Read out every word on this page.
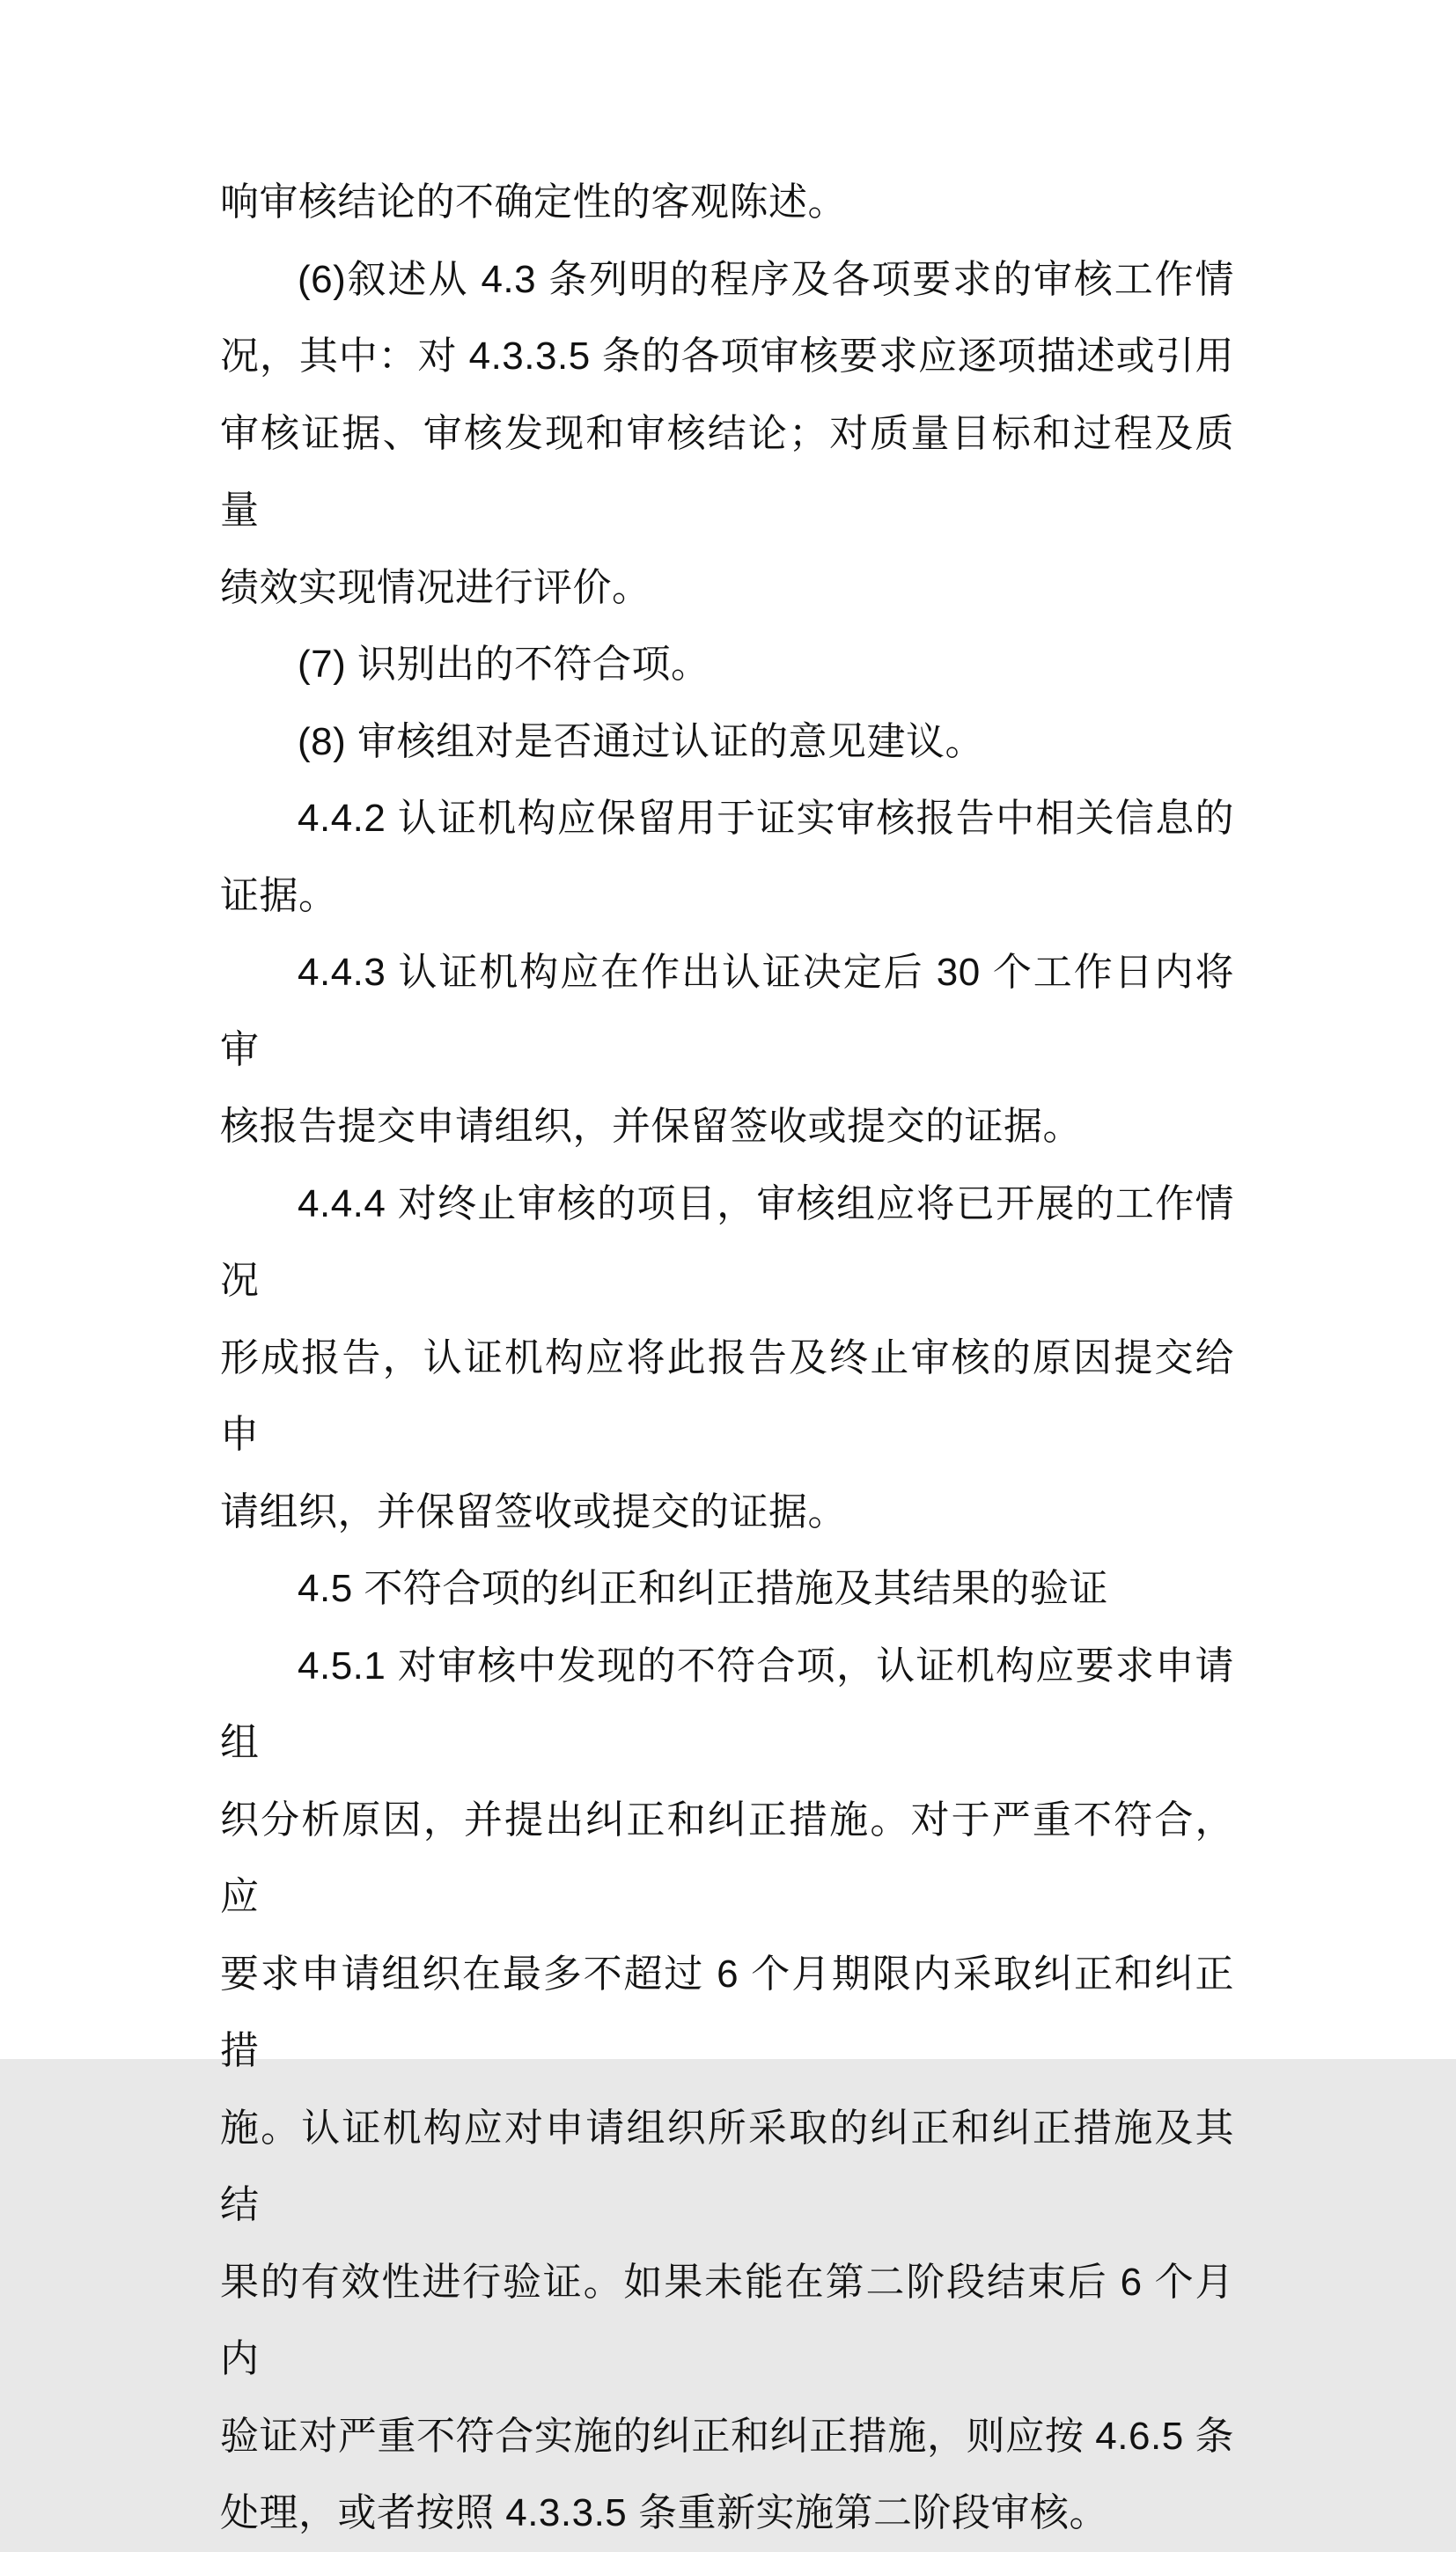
响审核结论的不确定性的客观陈述。
(6)叙述从 4.3 条列明的程序及各项要求的审核工作情
况，其中：对 4.3.3.5 条的各项审核要求应逐项描述或引用
审核证据、审核发现和审核结论；对质量目标和过程及质量
绩效实现情况进行评价。
(7) 识别出的不符合项。
(8) 审核组对是否通过认证的意见建议。
4.4.2 认证机构应保留用于证实审核报告中相关信息的
证据。
4.4.3 认证机构应在作出认证决定后 30 个工作日内将审
核报告提交申请组织，并保留签收或提交的证据。
4.4.4 对终止审核的项目，审核组应将已开展的工作情况
形成报告，认证机构应将此报告及终止审核的原因提交给申
请组织，并保留签收或提交的证据。
4.5 不符合项的纠正和纠正措施及其结果的验证
4.5.1 对审核中发现的不符合项，认证机构应要求申请组
织分析原因，并提出纠正和纠正措施。对于严重不符合，应
要求申请组织在最多不超过 6 个月期限内采取纠正和纠正措
施。认证机构应对申请组织所采取的纠正和纠正措施及其结
果的有效性进行验证。如果未能在第二阶段结束后 6 个月内
验证对严重不符合实施的纠正和纠正措施，则应按 4.6.5 条
处理，或者按照 4.3.3.5 条重新实施第二阶段审核。
